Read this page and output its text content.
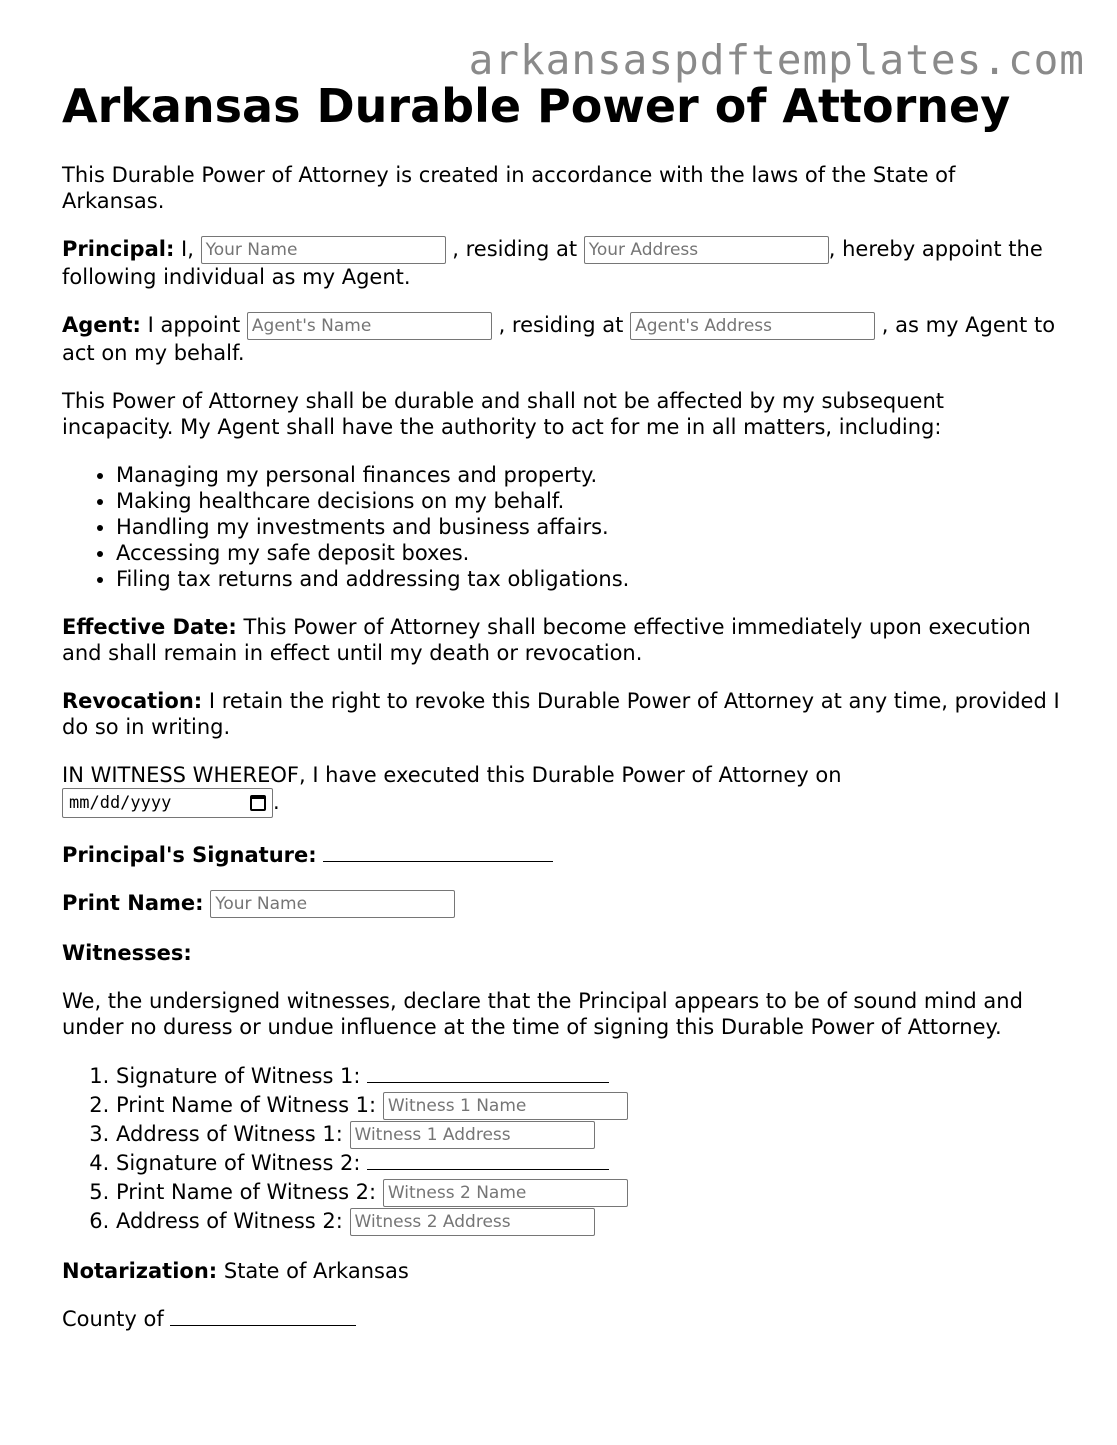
arkansaspdftemplates.com
Arkansas Durable Power of Attorney

This Durable Power of Attorney is created in accordance with the laws of the State of Arkansas.

Principal: I, Your Name	, residing at Your Address	, hereby appoint the following individual as my Agent.

Agent: I appoint Agent's Name	, residing at Agent's Address	, as my Agent to act on my behalf.

This Power of Attorney shall be durable and shall not be affected by my subsequent incapacity. My Agent shall have the authority to act for me in all matters, including:

• Managing my personal finances and property.
• Making healthcare decisions on my behalf.
• Handling my investments and business affairs.
• Accessing my safe deposit boxes.
• Filing tax returns and addressing tax obligations.

Effective Date: This Power of Attorney shall become effective immediately upon execution and shall remain in effect until my death or revocation.

Revocation: I retain the right to revoke this Durable Power of Attorney at any time, provided I do so in writing.

IN WITNESS WHEREOF, I have executed this Durable Power of Attorney on

mm/dd/yyyy	.

Principal's Signature:

Print Name: Your Name

Witnesses:

We, the undersigned witnesses, declare that the Principal appears to be of sound mind and under no duress or undue influence at the time of signing this Durable Power of Attorney.

1. Signature of Witness 1:
2. Print Name of Witness 1: Witness 1 Name
3. Address of Witness 1: Witness 1 Address
4. Signature of Witness 2:
5. Print Name of Witness 2: Witness 2 Name
6. Address of Witness 2: Witness 2 Address

Notarization: State of Arkansas

County of
